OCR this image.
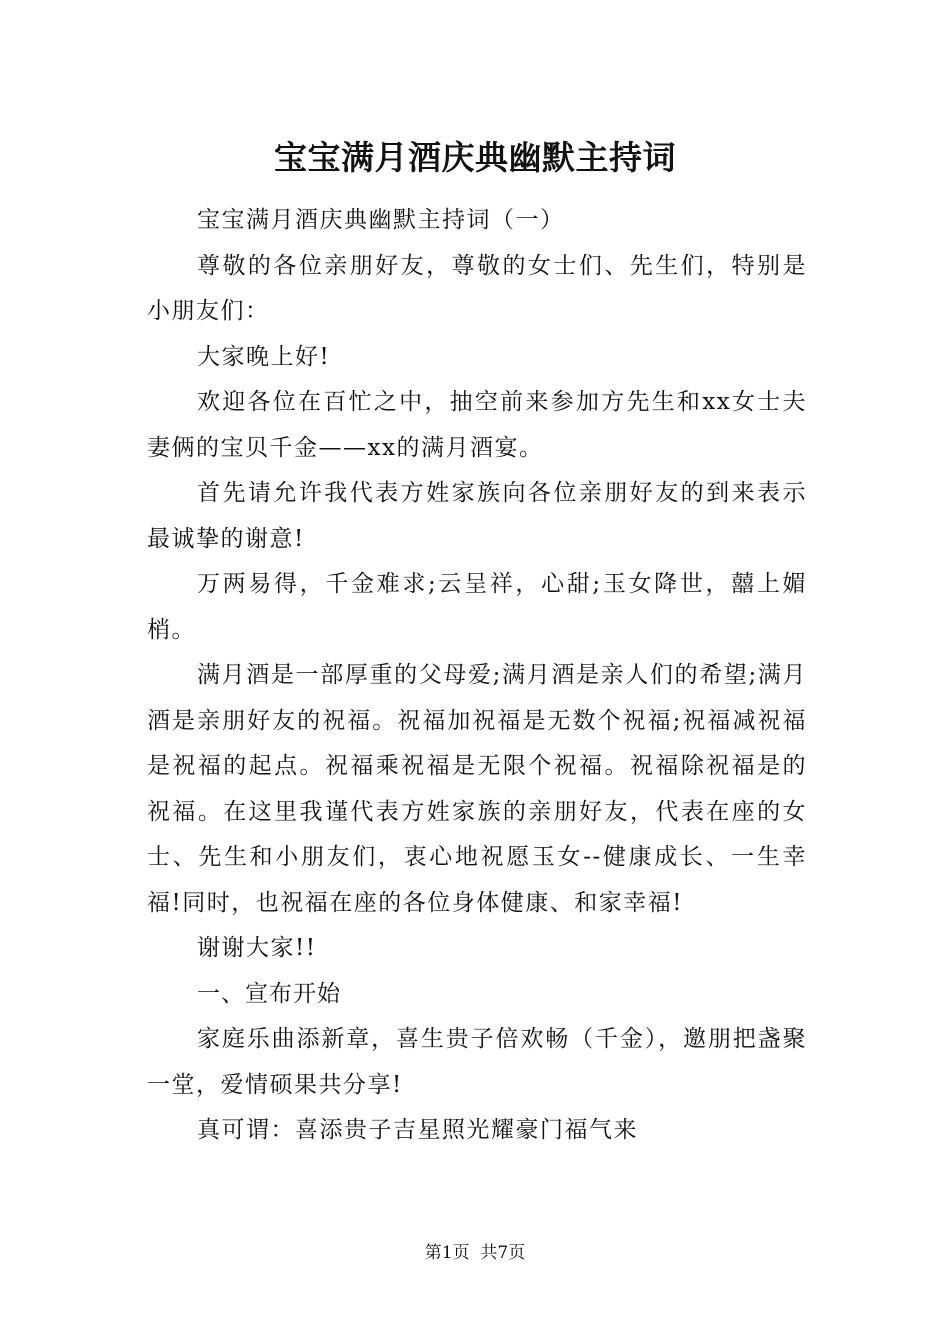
宝宝满月酒庆典幽默主持词

宝宝满月酒庆典幽默主持词（一）

尊敬的各位亲朋好友，尊敬的女士们、先生们，特别是小朋友们：

大家晚上好!

欢迎各位在百忙之中，抽空前来参加方先生和xx女士夫妻俩的宝贝千金——xx的满月酒宴。

首先请允许我代表方姓家族向各位亲朋好友的到来表示最诚挚的谢意!

万两易得，千金难求;云呈祥，心甜;玉女降世，囍上媚梢。

满月酒是一部厚重的父母爱;满月酒是亲人们的希望;满月酒是亲朋好友的祝福。祝福加祝福是无数个祝福;祝福减祝福是祝福的起点。祝福乘祝福是无限个祝福。祝福除祝福是的祝福。在这里我谨代表方姓家族的亲朋好友，代表在座的女士、先生和小朋友们，衷心地祝愿玉女--健康成长、一生幸福!同时，也祝福在座的各位身体健康、和家幸福!

谢谢大家!!

一、宣布开始

家庭乐曲添新章，喜生贵子倍欢畅（千金），邀朋把盏聚一堂，爱情硕果共分享!

真可谓：喜添贵子吉星照光耀豪门福气来

第1页 共7页
